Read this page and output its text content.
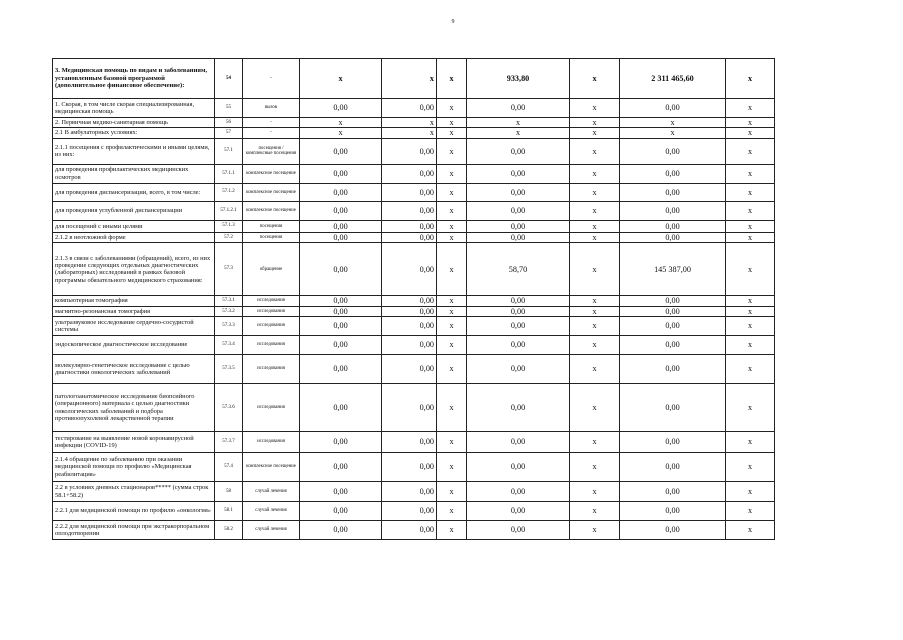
9
3. Медицинская помощь по видам и заболеваниям, установленным базовой программой (дополнительное финансовое обеспечение):	54	-	х	х	х	933,80	х	2 311 465,60	х
1. Скорая, в том числе скорая специализированная, медицинская помощь	55	вызов	0,00	0,00	х	0,00	х	0,00	х
2. Первичная медико-санитарная помощь	56	-	х	х	х	х	х	х	х
2.1 В амбулаторных условиях:	57	-	х	х	х	х	х	х	х
2.1.1 посещения с профилактическими и иными целями, из них:	57.1	посещения / комплексные посещения	0,00	0,00	х	0,00	х	0,00	х
для проведения профилактических медицинских осмотров	57.1.1	комплексное посещение	0,00	0,00	х	0,00	х	0,00	х
для проведения диспансеризации, всего, в том числе:	57.1.2	комплексное посещение	0,00	0,00	х	0,00	х	0,00	х
для проведения углубленной диспансеризации	57.1.2.1	комплексное посещение	0,00	0,00	х	0,00	х	0,00	х
для посещений с иными целями	57.1.3	посещения	0,00	0,00	х	0,00	х	0,00	х
2.1.2 в неотложной форме	57.2	посещения	0,00	0,00	х	0,00	х	0,00	х
2.1.3 в связи с заболеваниями (обращений), всего, из них проведение следующих отдельных диагностических (лабораторных) исследований в рамках базовой программы обязательного медицинского страхования:	57.3	обращение	0,00	0,00	х	58,70	х	145 387,00	х
компьютерная томография	57.3.1	исследования	0,00	0,00	х	0,00	х	0,00	х
магнитно-резонансная томография	57.3.2	исследования	0,00	0,00	х	0,00	х	0,00	х
ультразвуковое исследование сердечно-сосудистой системы	57.3.3	исследования	0,00	0,00	х	0,00	х	0,00	х
эндоскопическое диагностическое исследование	57.3.4	исследования	0,00	0,00	х	0,00	х	0,00	х
молекулярно-генетическое исследование с целью диагностики онкологических заболеваний	57.3.5	исследования	0,00	0,00	х	0,00	х	0,00	х
патологоанатомическое исследование биопсийного (операционного) материала с целью диагностики онкологических заболеваний и подбора противоопухолевой лекарственной терапии	57.3.6	исследования	0,00	0,00	х	0,00	х	0,00	х
тестирование на выявление новой коронавирусной инфекции (COVID-19)	57.3.7	исследования	0,00	0,00	х	0,00	х	0,00	х
2.1.4 обращение по заболеванию при оказании медицинской помощи по профилю «Медицинская реабилитация»	57.4	комплексное посещение	0,00	0,00	х	0,00	х	0,00	х
2.2 в условиях дневных стационаров***** (сумма строк 58.1+58.2)	58	случай лечения	0,00	0,00	х	0,00	х	0,00	х
2.2.1 для медицинской помощи по профилю «онкология»	58.1	случай лечения	0,00	0,00	х	0,00	х	0,00	х
2.2.2 для медицинской помощи при экстракорпоральном оплодотворении	58.2	случай лечения	0,00	0,00	х	0,00	х	0,00	х
